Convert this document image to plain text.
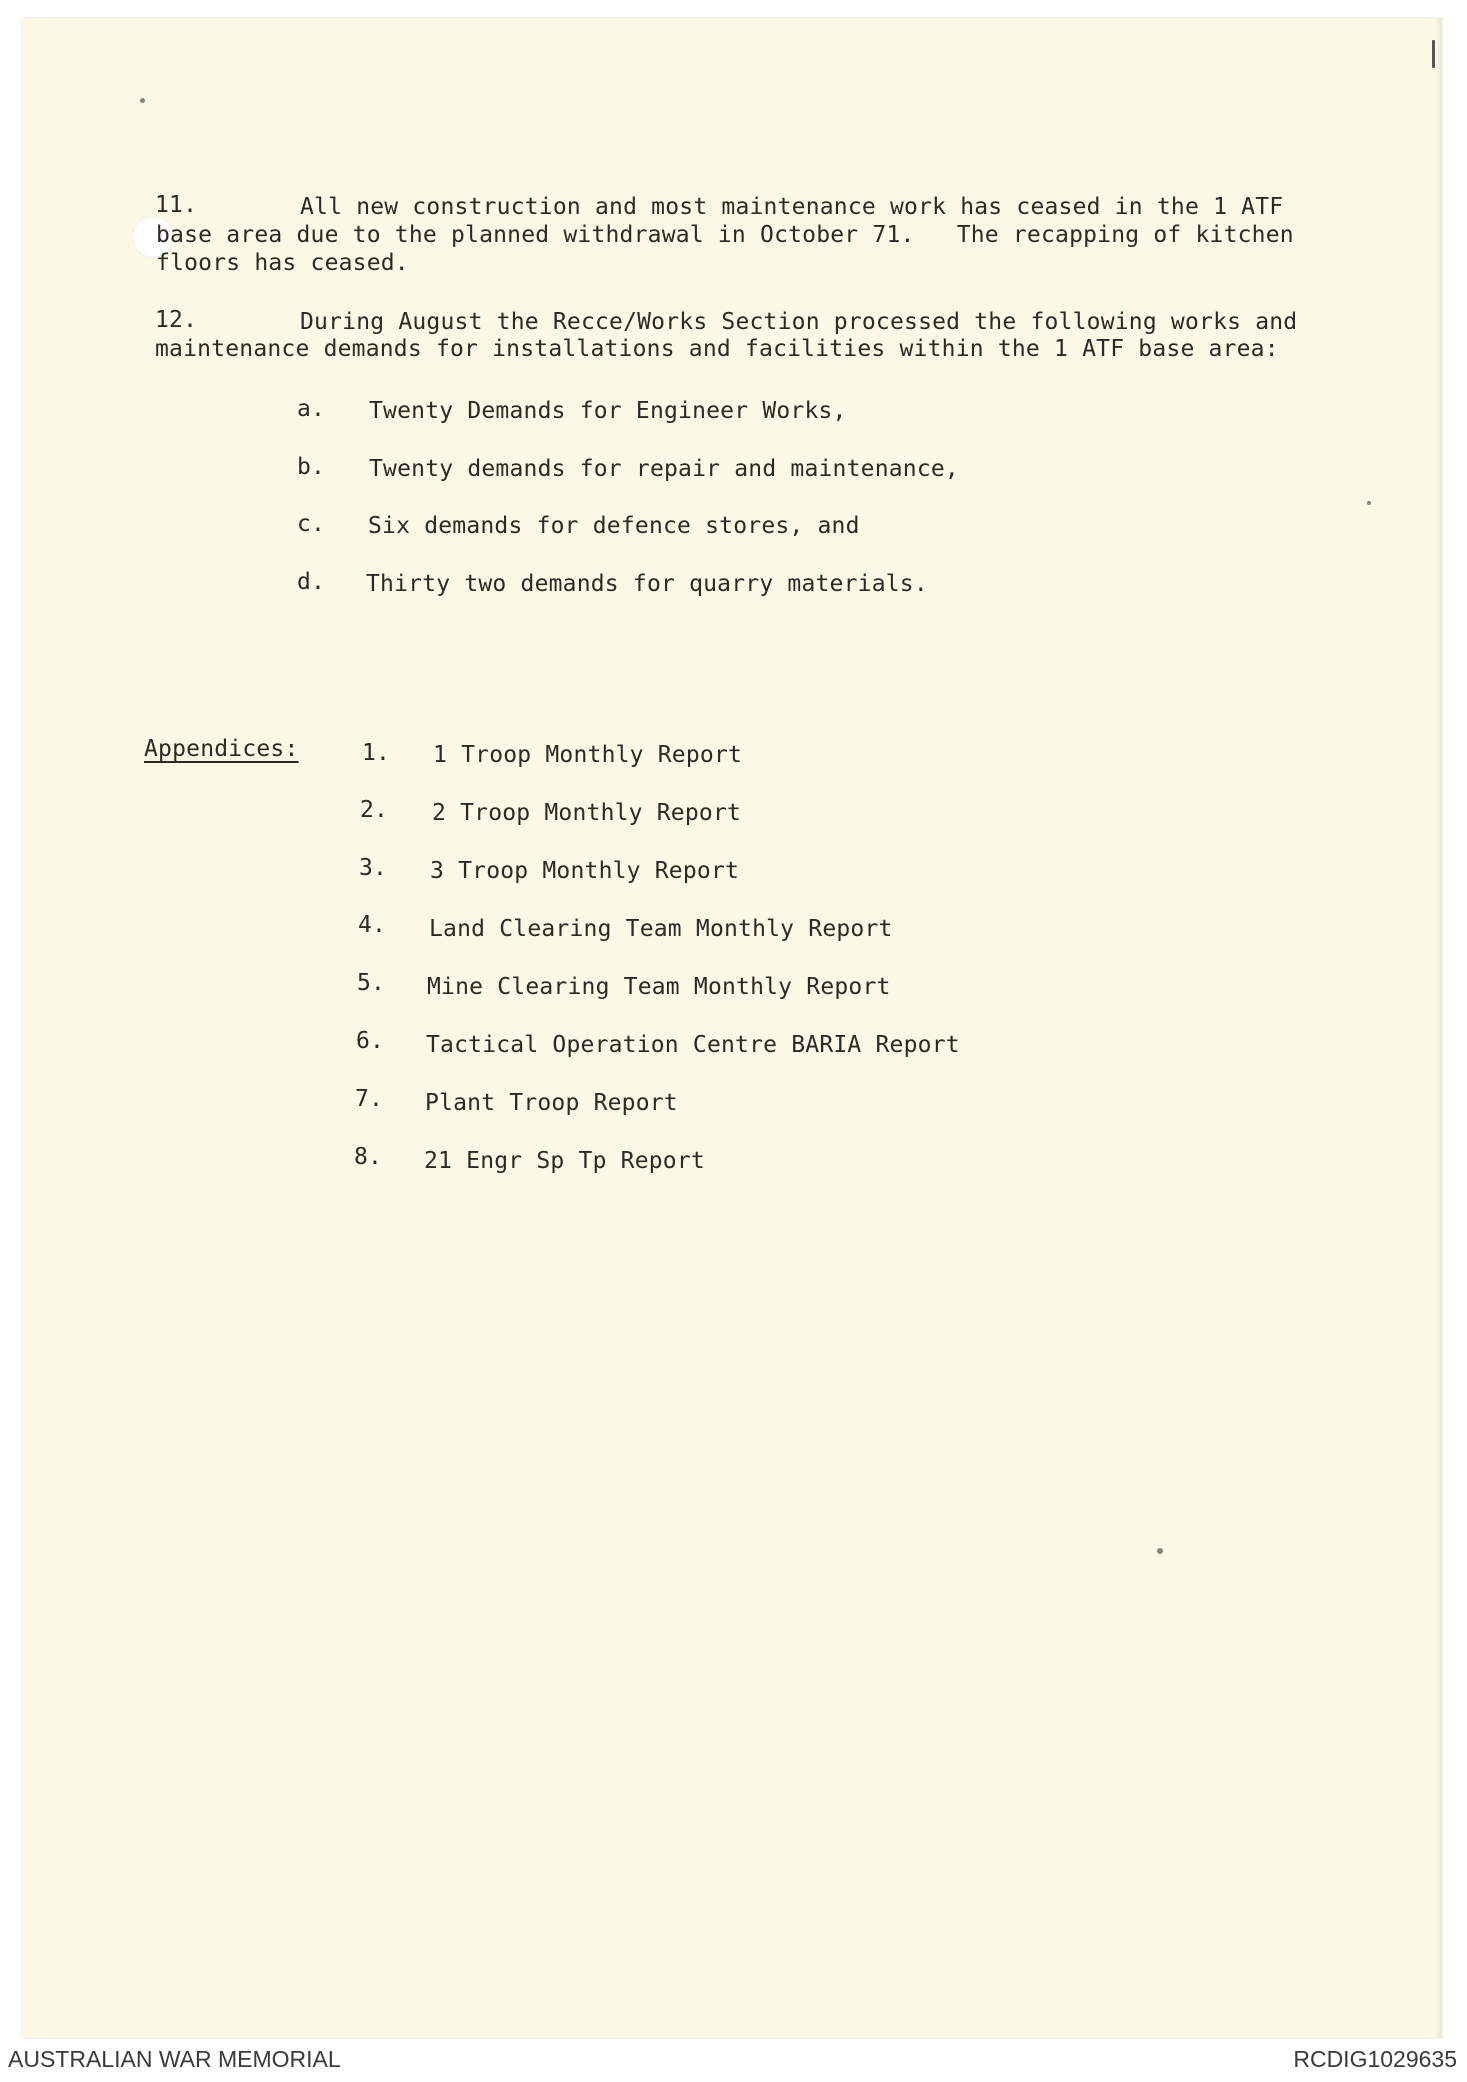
11.	All new construction and most maintenance work has ceased in the 1 ATF
base area due to the planned withdrawal in October 71.   The recapping of kitchen
floors has ceased.
12.	During August the Recce/Works Section processed the following works and
maintenance demands for installations and facilities within the 1 ATF base area:
a. Twenty Demands for Engineer Works,
b. Twenty demands for repair and maintenance,
c. Six demands for defence stores, and
d. Thirty two demands for quarry materials.
Appendices:	1. 1 Troop Monthly Report
2. 2 Troop Monthly Report
3. 3 Troop Monthly Report
4. Land Clearing Team Monthly Report
5. Mine Clearing Team Monthly Report
6. Tactical Operation Centre BARIA Report
7. Plant Troop Report
8. 21 Engr Sp Tp Report
AUSTRALIAN WAR MEMORIAL	RCDIG1029635
